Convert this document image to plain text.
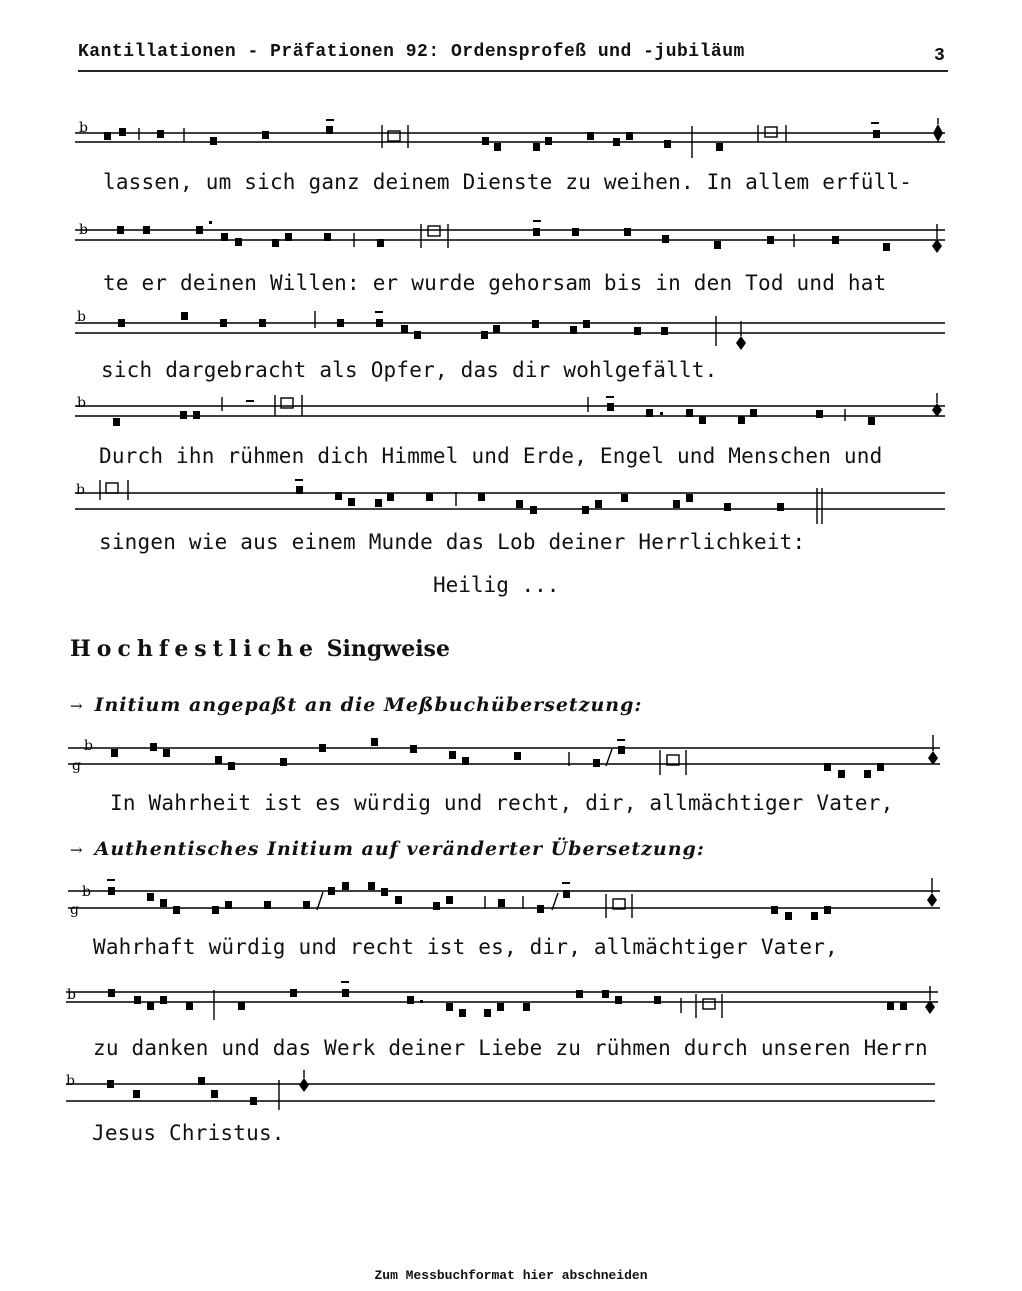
Kantillationen - Präfationen 92: Ordensprofeß und -jubiläum	3
b
lassen, um sich ganz deinem Dienste zu weihen. In allem erfüll-
b
te er deinen Willen: er wurde gehorsam bis in den Tod und hat
b
sich dargebracht als Opfer, das dir wohlgefällt.
b
Durch ihn rühmen dich Himmel und Erde, Engel und Menschen und
b
singen wie aus einem Munde das Lob deiner Herrlichkeit:
Heilig ...
Hochfestliche Singweise
→ Initium angepaßt an die Meßbuchübersetzung:
b
g
In Wahrheit ist es würdig und recht, dir, allmächtiger Vater,
→ Authentisches Initium auf veränderter Übersetzung:
b
g
Wahrhaft würdig und recht ist es, dir, allmächtiger Vater,
b
zu danken und das Werk deiner Liebe zu rühmen durch unseren Herrn
b
Jesus Christus.
Zum Messbuchformat hier abschneiden
